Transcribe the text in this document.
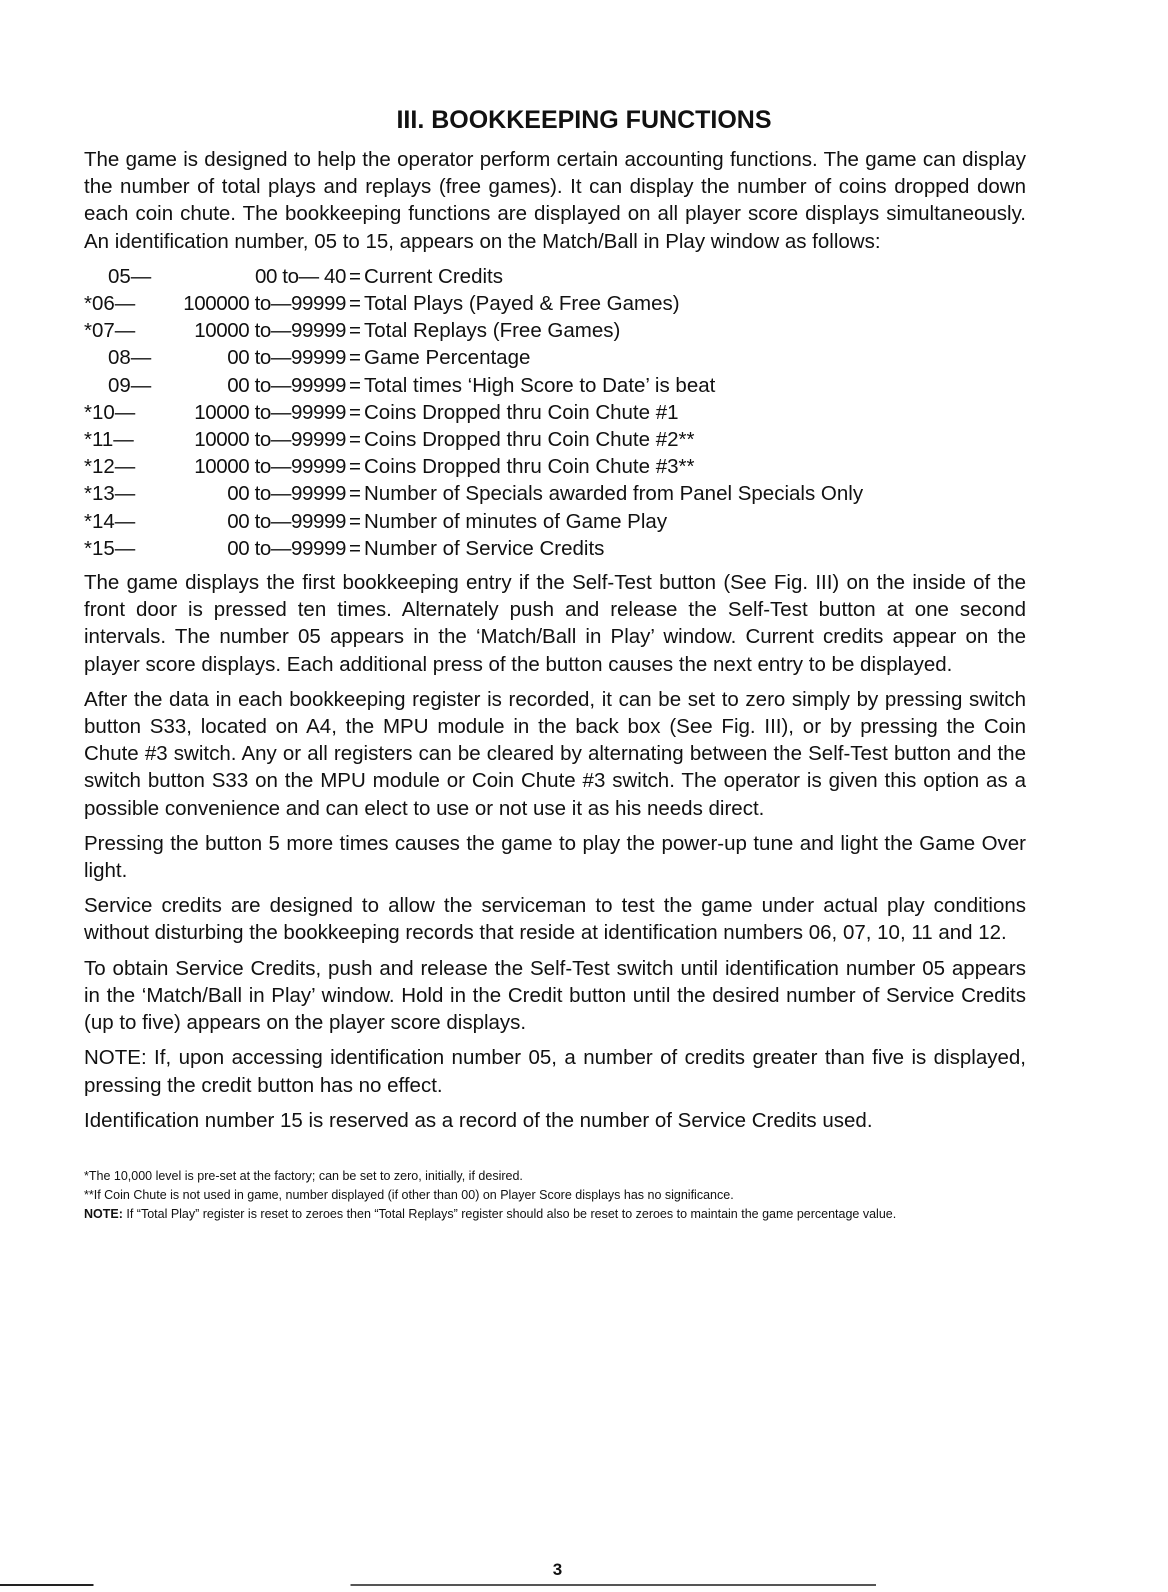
III. BOOKKEEPING FUNCTIONS

The game is designed to help the operator perform certain accounting functions. The game can display the number of total plays and replays (free games). It can display the number of coins dropped down each coin chute. The bookkeeping functions are displayed on all player score displays simultaneously. An identification number, 05 to 15, appears on the Match/Ball in Play window as follows:

05—	00 to— 40 = Current Credits
*06—	100000 to—99999 = Total Plays (Payed & Free Games)
*07—	10000 to—99999 = Total Replays (Free Games)
08—	00 to—99999 = Game Percentage
09—	00 to—99999 = Total times ‘High Score to Date’ is beat
*10—	10000 to—99999 = Coins Dropped thru Coin Chute #1
*11—	10000 to—99999 = Coins Dropped thru Coin Chute #2**
*12—	10000 to—99999 = Coins Dropped thru Coin Chute #3**
*13—	00 to—99999 = Number of Specials awarded from Panel Specials Only
*14—	00 to—99999 = Number of minutes of Game Play
*15—	00 to—99999 = Number of Service Credits

The game displays the first bookkeeping entry if the Self-Test button (See Fig. III) on the inside of the front door is pressed ten times. Alternately push and release the Self-Test button at one second intervals. The number 05 appears in the ‘Match/Ball in Play’ window. Current credits appear on the player score displays. Each additional press of the button causes the next entry to be displayed.

After the data in each bookkeeping register is recorded, it can be set to zero simply by pressing switch button S33, located on A4, the MPU module in the back box (See Fig. III), or by pressing the Coin Chute #3 switch. Any or all registers can be cleared by alternating between the Self-Test button and the switch button S33 on the MPU module or Coin Chute #3 switch. The operator is given this option as a possible convenience and can elect to use or not use it as his needs direct.

Pressing the button 5 more times causes the game to play the power-up tune and light the Game Over light.

Service credits are designed to allow the serviceman to test the game under actual play conditions without disturbing the bookkeeping records that reside at identification numbers 06, 07, 10, 11 and 12.

To obtain Service Credits, push and release the Self-Test switch until identification number 05 appears in the ‘Match/Ball in Play’ window. Hold in the Credit button until the desired number of Service Credits (up to five) appears on the player score displays.

NOTE: If, upon accessing identification number 05, a number of credits greater than five is displayed, pressing the credit button has no effect.

Identification number 15 is reserved as a record of the number of Service Credits used.

*The 10,000 level is pre-set at the factory; can be set to zero, initially, if desired.
**If Coin Chute is not used in game, number displayed (if other than 00) on Player Score displays has no significance.
NOTE: If “Total Play” register is reset to zeroes then “Total Replays” register should also be reset to zeroes to maintain the game percentage value.
3
